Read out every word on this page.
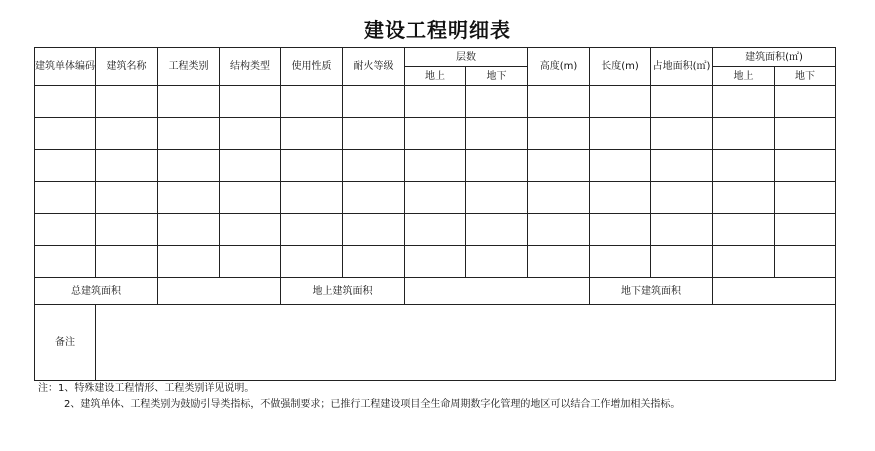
建设工程明细表
建筑单体编码	建筑名称	工程类别	结构类型	使用性质	耐火等级	层数		高度(m)	长度(m)	占地面积(㎡)	建筑面积(㎡)	
						地上	地下				地上	地下

总建筑面积				地上建筑面积					地下建筑面积			
备注												
注：1、特殊建设工程情形、工程类别详见说明。
2、建筑单体、工程类别为鼓励引导类指标，不做强制要求；已推行工程建设项目全生命周期数字化管理的地区可以结合工作增加相关指标。
